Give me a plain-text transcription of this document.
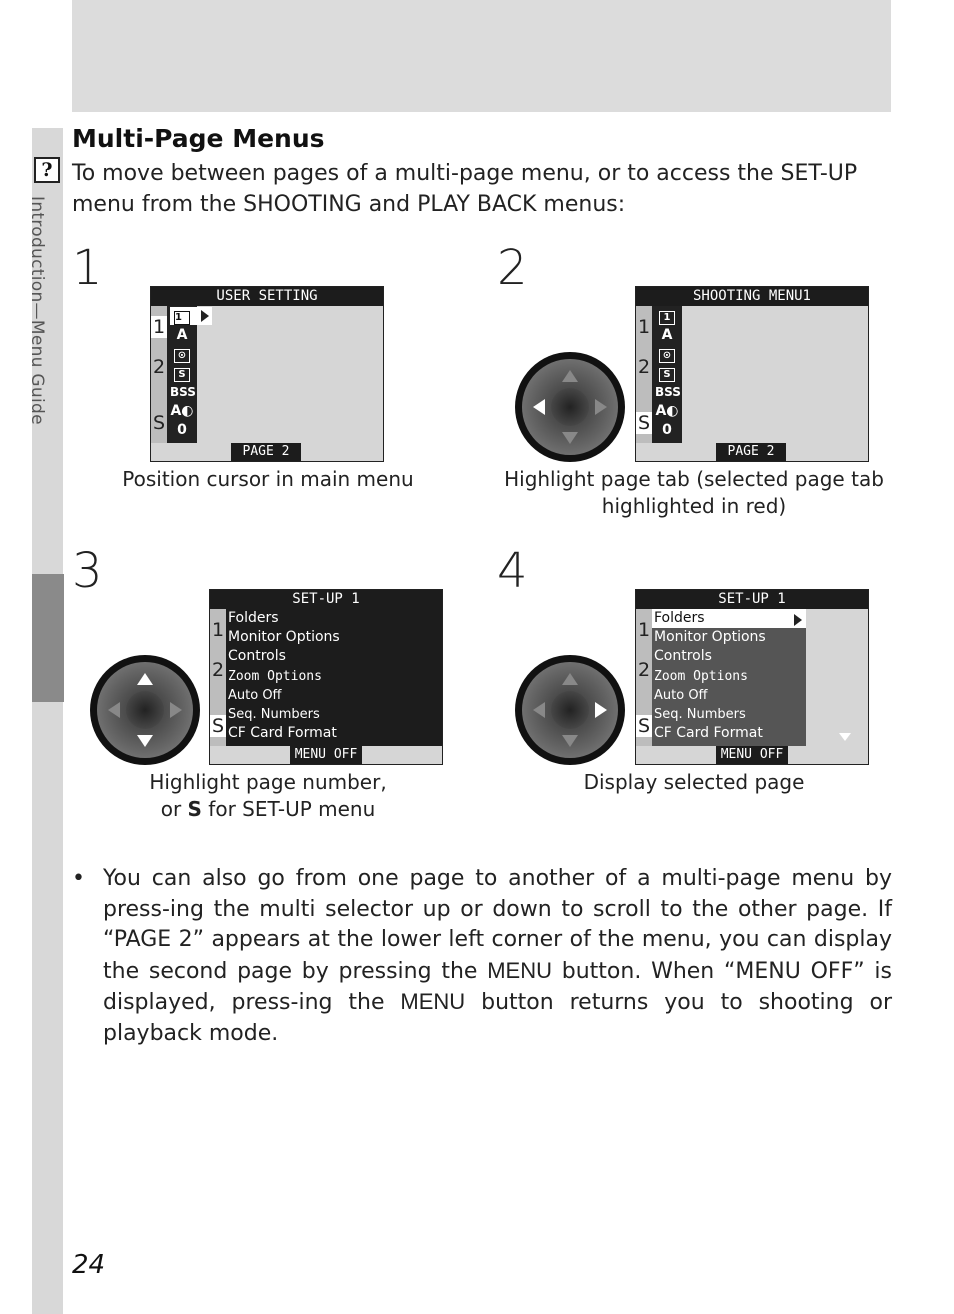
Introduction—Menu Guide
?
Multi-Page Menus
To move between pages of a multi-page menu, or to access the SET-UP menu from the SHOOTING and PLAY BACK menus:
1	USER SETTING
1
2
S
1
A
⊙
S
BSS
A◐
0
PAGE 2
Position cursor in main menu
2	SHOOTING MENU1
1
2
S
1
A
⊙
S
BSS
A◐
0
PAGE 2
Highlight page tab (selected page tab highlighted in red)
3	SET-UP 1
1
2
S
Folders
Monitor Options
Controls
Zoom Options
Auto Off
Seq. Numbers
CF Card Format
MENU OFF
Highlight page number,
or S for SET-UP menu
4	SET-UP 1
1
2
S
Folders
Monitor Options
Controls
Zoom Options
Auto Off
Seq. Numbers
CF Card Format
MENU OFF
Display selected page
• You can also go from one page to another of a multi-page menu by press-ing the multi selector up or down to scroll to the other page. If “PAGE 2” appears at the lower left corner of the menu, you can display the second page by pressing the MENU button. When “MENU OFF” is displayed, press-ing the MENU button returns you to shooting or playback mode.
24
